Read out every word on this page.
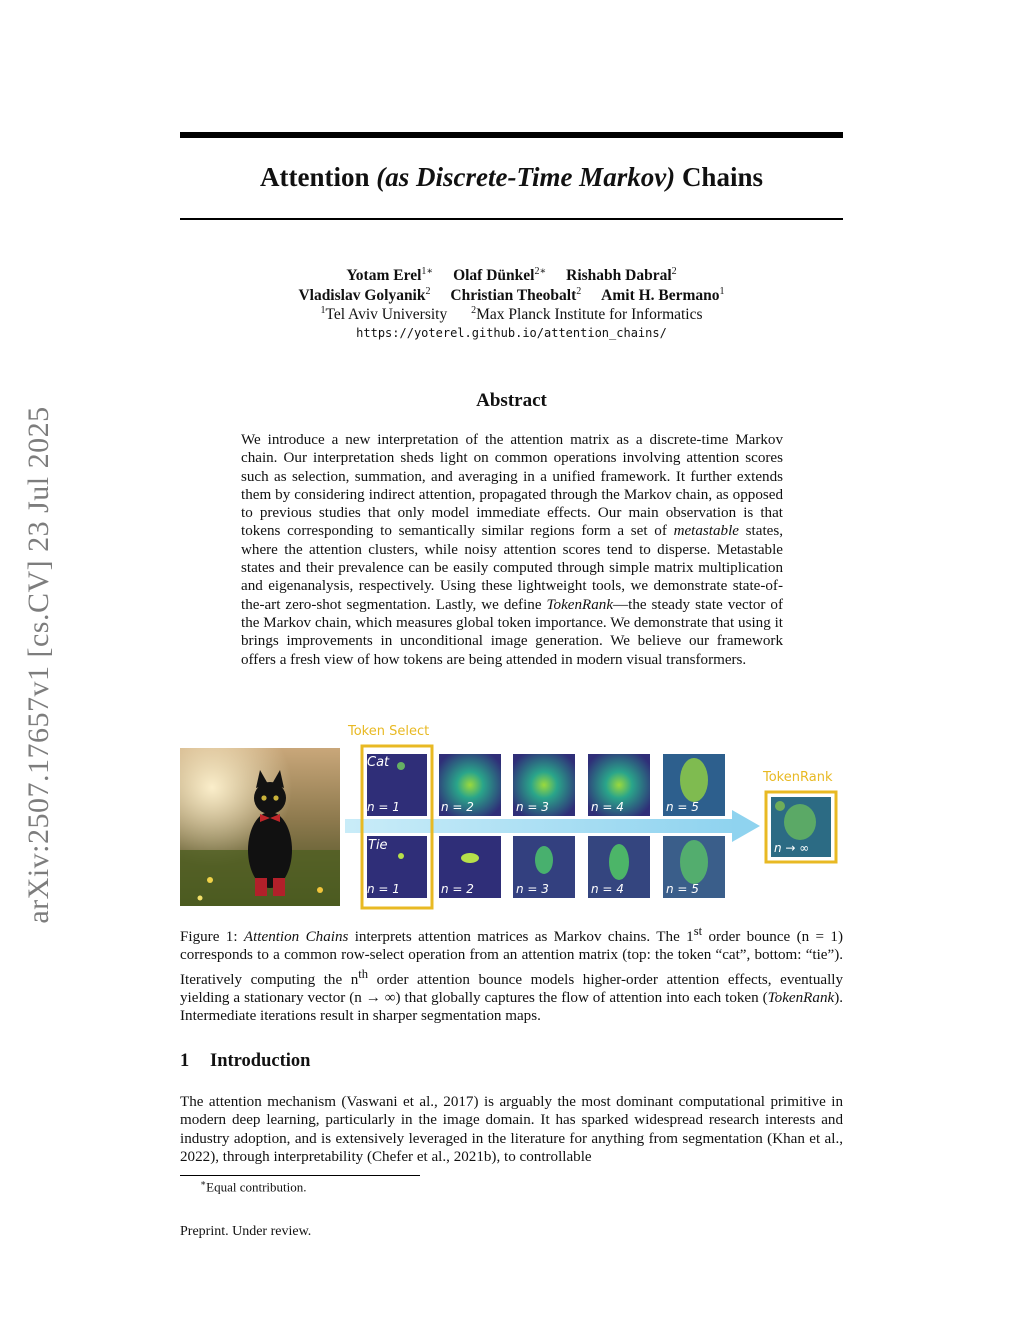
arXiv:2507.17657v1 [cs.CV] 23 Jul 2025
Attention (as Discrete-Time Markov) Chains
Yotam Erel$^{1∗}$ Olaf Dünkel$^{2∗}$ Rishabh Dabral$^2$
Vladislav Golyanik$^2$ Christian Theobalt$^2$ Amit H. Bermano$^1$
$^1$Tel Aviv University $^2$Max Planck Institute for Informatics
https://yoterel.github.io/attention_chains/
Abstract

We introduce a new interpretation of the attention matrix as a discrete-time Markov chain. Our interpretation sheds light on common operations involving attention scores such as selection, summation, and averaging in a unified framework. It further extends them by considering indirect attention, propagated through the Markov chain, as opposed to previous studies that only model immediate effects. Our main observation is that tokens corresponding to semantically similar regions form a set of metastable states, where the attention clusters, while noisy attention scores tend to disperse. Metastable states and their prevalence can be easily computed through simple matrix multiplication and eigenanalysis, respectively. Using these lightweight tools, we demonstrate state-of-the-art zero-shot segmentation. Lastly, we define TokenRank—the steady state vector of the Markov chain, which measures global token importance. We demonstrate that using it brings improvements in unconditional image generation. We believe our framework offers a fresh view of how tokens are being attended in modern visual transformers.

Token Select
TokenRank
Cat
Tie
n = 1	n = 2	n = 3	n = 4	n = 5
n = 1	n = 2	n = 3	n = 4	n = 5
n → ∞

Figure 1: Attention Chains interprets attention matrices as Markov chains. The 1st order bounce (n = 1) corresponds to a common row-select operation from an attention matrix (top: the token “cat”, bottom: “tie”). Iteratively computing the $n^{th}$ order attention bounce models higher-order attention effects, eventually yielding a stationary vector (n → ∞) that globally captures the flow of attention into each token (TokenRank). Intermediate iterations result in sharper segmentation maps.

1 Introduction

The attention mechanism (Vaswani et al., 2017) is arguably the most dominant computational primitive in modern deep learning, particularly in the image domain. It has sparked widespread research interests and industry adoption, and is extensively leveraged in the literature for anything from segmentation (Khan et al., 2022), through interpretability (Chefer et al., 2021b), to controllable

∗Equal contribution.
Preprint. Under review.
